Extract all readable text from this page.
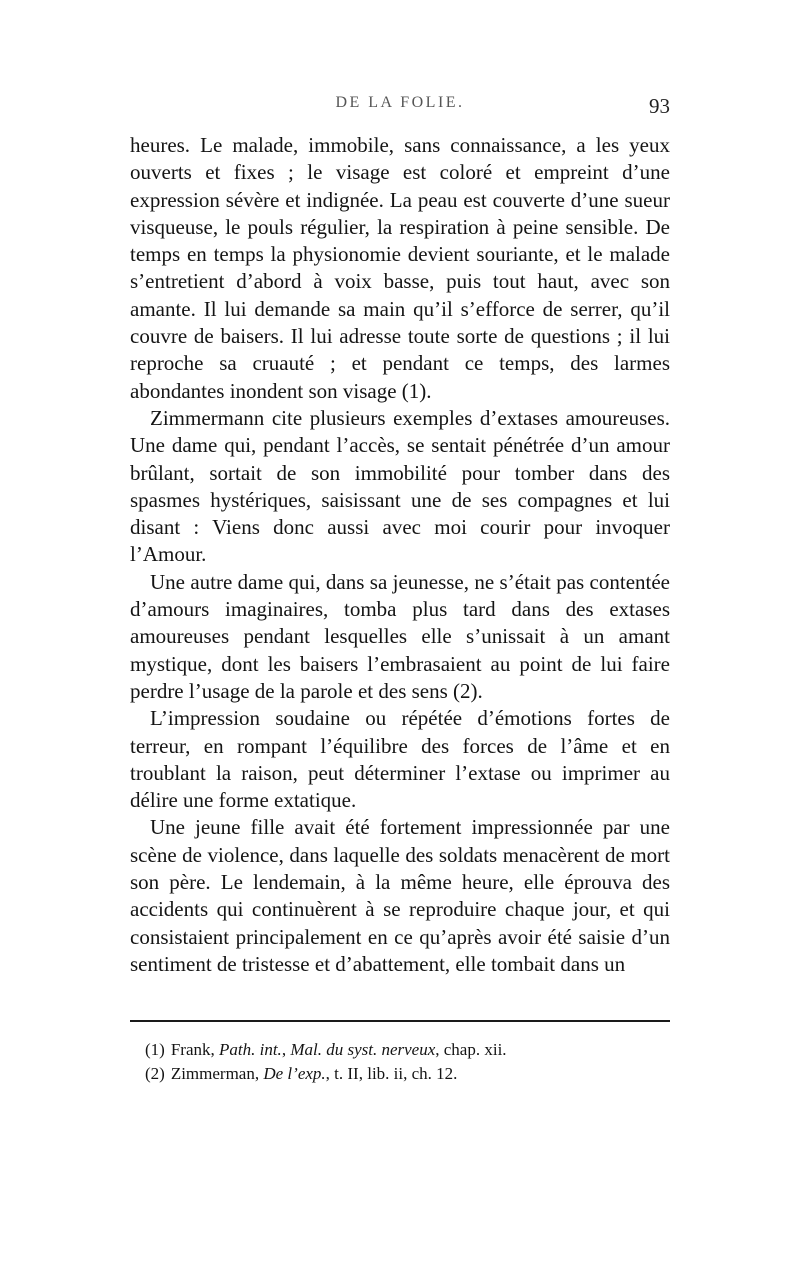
DE LA FOLIE.	93

heures. Le malade, immobile, sans connaissance, a les yeux ouverts et fixes ; le visage est coloré et empreint d’une expression sévère et indignée. La peau est couverte d’une sueur visqueuse, le pouls régulier, la respiration à peine sensible. De temps en temps la physionomie devient souriante, et le malade s’entretient d’abord à voix basse, puis tout haut, avec son amante. Il lui demande sa main qu’il s’efforce de serrer, qu’il couvre de baisers. Il lui adresse toute sorte de questions ; il lui reproche sa cruauté ; et pendant ce temps, des larmes abondantes inondent son visage (1).

Zimmermann cite plusieurs exemples d’extases amoureuses. Une dame qui, pendant l’accès, se sentait pénétrée d’un amour brûlant, sortait de son immobilité pour tomber dans des spasmes hystériques, saisissant une de ses compagnes et lui disant : Viens donc aussi avec moi courir pour invoquer l’Amour.

Une autre dame qui, dans sa jeunesse, ne s’était pas contentée d’amours imaginaires, tomba plus tard dans des extases amoureuses pendant lesquelles elle s’unissait à un amant mystique, dont les baisers l’embrasaient au point de lui faire perdre l’usage de la parole et des sens (2).

L’impression soudaine ou répétée d’émotions fortes de terreur, en rompant l’équilibre des forces de l’âme et en troublant la raison, peut déterminer l’extase ou imprimer au délire une forme extatique.

Une jeune fille avait été fortement impressionnée par une scène de violence, dans laquelle des soldats menacèrent de mort son père. Le lendemain, à la même heure, elle éprouva des accidents qui continuèrent à se reproduire chaque jour, et qui consistaient principalement en ce qu’après avoir été saisie d’un sentiment de tristesse et d’abattement, elle tombait dans un

(1) Frank, Path. int., Mal. du syst. nerveux, chap. xii.

(2) Zimmerman, De l’exp., t. II, lib. ii, ch. 12.
